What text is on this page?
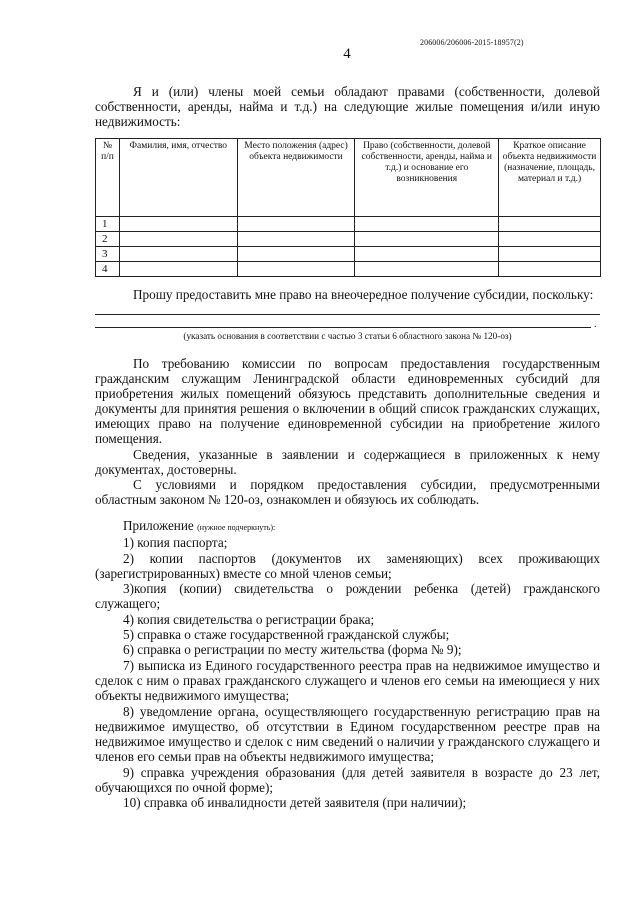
206006/206006-2015-18957(2)
4

Я и (или) члены моей семьи обладают правами (собственности, долевой собственности, аренды, найма и т.д.) на следующие жилые помещения и/или иную недвижимость:

№ п/п	Фамилия, имя, отчество	Место положения (адрес) объекта недвижимости	Право (собственности, долевой собственности, аренды, найма и т.д.) и основание его возникновения	Краткое описание объекта недвижимости (назначение, площадь, материал и т.д.)
1				
2				
3				
4				

Прошу предоставить мне право на внеочередное получение субсидии, поскольку:

.
(указать основания в соответствии с частью 3 статьи 6 областного закона № 120-оз)

По требованию комиссии по вопросам предоставления государственным гражданским служащим Ленинградской области единовременных субсидий для приобретения жилых помещений обязуюсь представить дополнительные сведения и документы для принятия решения о включении в общий список гражданских служащих, имеющих право на получение единовременной субсидии на приобретение жилого помещения.

Сведения, указанные в заявлении и содержащиеся в приложенных к нему документах, достоверны.

С условиями и порядком предоставления субсидии, предусмотренными областным законом № 120-оз, ознакомлен и обязуюсь их соблюдать.

Приложение (нужное подчеркнуть):

1) копия паспорта;

2) копии паспортов (документов их заменяющих) всех проживающих (зарегистрированных) вместе со мной членов семьи;

3)копия (копии) свидетельства о рождении ребенка (детей) гражданского служащего;

4) копия свидетельства о регистрации брака;

5) справка о стаже государственной гражданской службы;

6) справка о регистрации по месту жительства (форма № 9);

7) выписка из Единого государственного реестра прав на недвижимое имущество и сделок с ним о правах гражданского служащего и членов его семьи на имеющиеся у них объекты недвижимого имущества;

8) уведомление органа, осуществляющего государственную регистрацию прав на недвижимое имущество, об отсутствии в Едином государственном реестре прав на недвижимое имущество и сделок с ним сведений о наличии у гражданского служащего и членов его семьи прав на объекты недвижимого имущества;

9) справка учреждения образования (для детей заявителя в возрасте до 23 лет, обучающихся по очной форме);

10) справка об инвалидности детей заявителя (при наличии);
